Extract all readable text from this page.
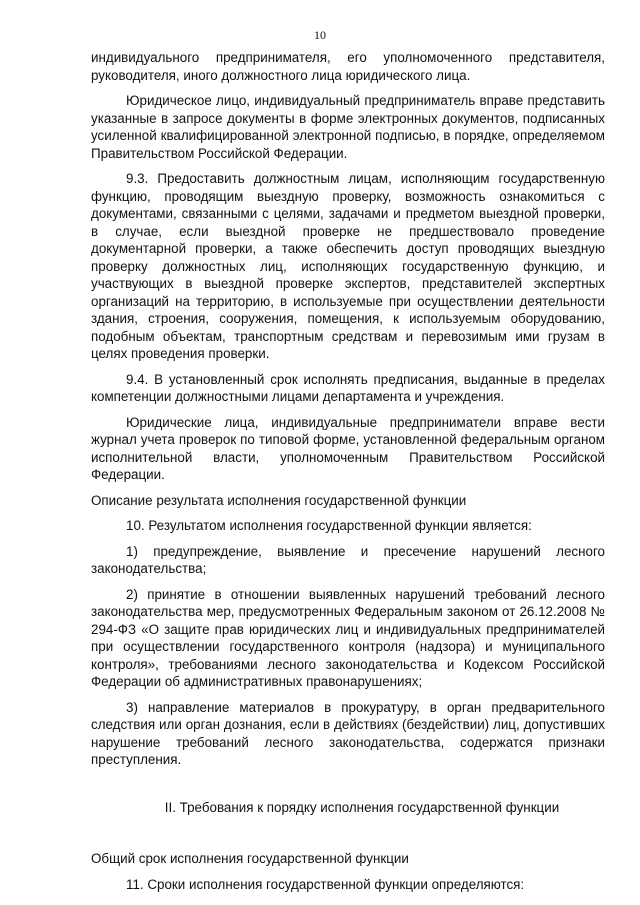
10

индивидуального предпринимателя, его уполномоченного представителя, руководителя, иного должностного лица юридического лица.

Юридическое лицо, индивидуальный предприниматель вправе представить указанные в запросе документы в форме электронных документов, подписанных усиленной квалифицированной электронной подписью, в порядке, определяемом Правительством Российской Федерации.

9.3. Предоставить должностным лицам, исполняющим государственную функцию, проводящим выездную проверку, возможность ознакомиться с документами, связанными с целями, задачами и предметом выездной проверки, в случае, если выездной проверке не предшествовало проведение документарной проверки, а также обеспечить доступ проводящих выездную проверку должностных лиц, исполняющих государственную функцию, и участвующих в выездной проверке экспертов, представителей экспертных организаций на территорию, в используемые при осуществлении деятельности здания, строения, сооружения, помещения, к используемым оборудованию, подобным объектам, транспортным средствам и перевозимым ими грузам в целях проведения проверки.

9.4. В установленный срок исполнять предписания, выданные в пределах компетенции должностными лицами департамента и учреждения.

Юридические лица, индивидуальные предприниматели вправе вести журнал учета проверок по типовой форме, установленной федеральным органом исполнительной власти, уполномоченным Правительством Российской Федерации.

Описание результата исполнения государственной функции

10. Результатом исполнения государственной функции является:

1) предупреждение, выявление и пресечение нарушений лесного законодательства;

2) принятие в отношении выявленных нарушений требований лесного законодательства мер, предусмотренных Федеральным законом от 26.12.2008 № 294-ФЗ «О защите прав юридических лиц и индивидуальных предпринимателей при осуществлении государственного контроля (надзора) и муниципального контроля», требованиями лесного законодательства и Кодексом Российской Федерации об административных правонарушениях;

3) направление материалов в прокуратуру, в орган предварительного следствия или орган дознания, если в действиях (бездействии) лиц, допустивших нарушение требований лесного законодательства, содержатся признаки преступления.

II. Требования к порядку исполнения государственной функции

Общий срок исполнения государственной функции

11. Сроки исполнения государственной функции определяются:
